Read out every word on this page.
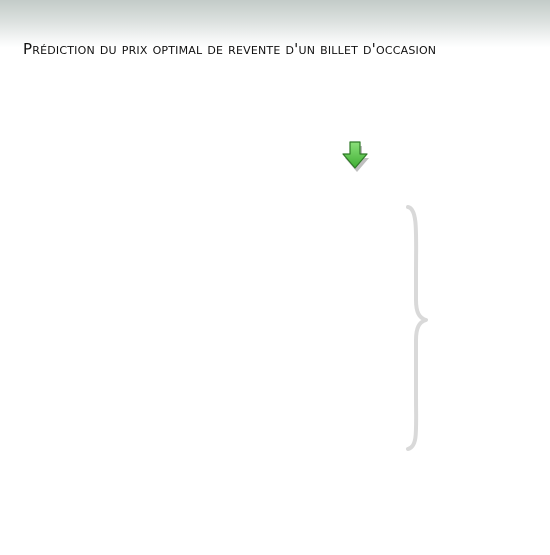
Prédiction du prix optimal de revente d'un billet d'occasion
